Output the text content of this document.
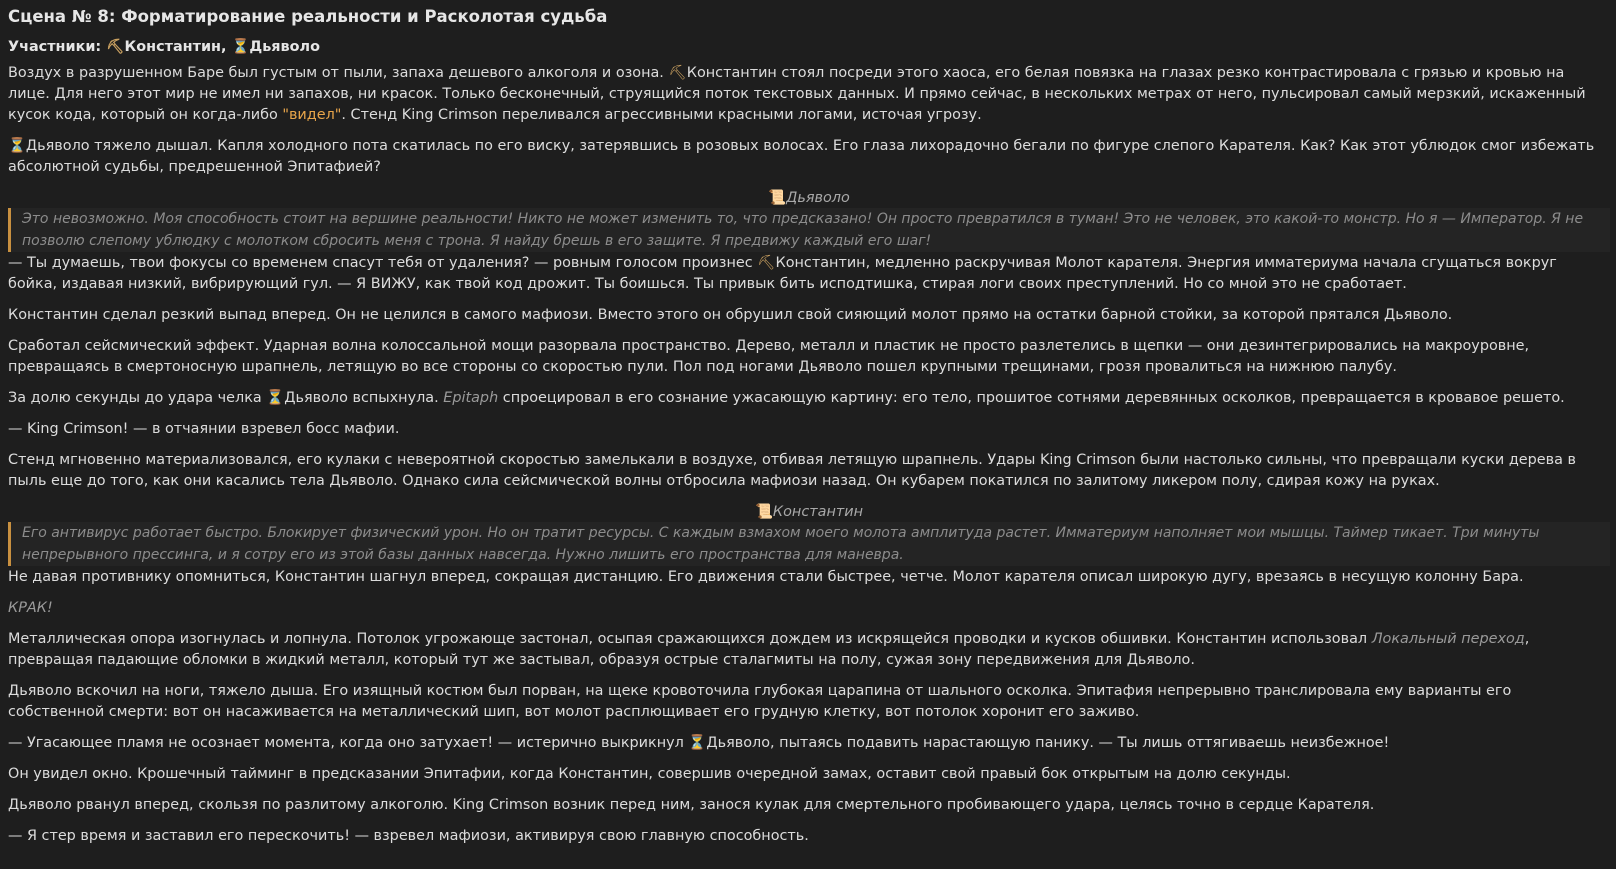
Сцена № 8: Форматирование реальности и Расколотая судьба
Участники: ⛏Константин, ⏳Дьяволо

Воздух в разрушенном Баре был густым от пыли, запаха дешевого алкоголя и озона. ⛏Константин стоял посреди этого хаоса, его белая повязка на глазах резко контрастировала с грязью и кровью на лице. Для него этот мир не имел ни запахов, ни красок. Только бесконечный, струящийся поток текстовых данных. И прямо сейчас, в нескольких метрах от него, пульсировал самый мерзкий, искаженный кусок кода, который он когда-либо "видел". Стенд King Crimson переливался агрессивными красными логами, источая угрозу.

⏳Дьяволо тяжело дышал. Капля холодного пота скатилась по его виску, затерявшись в розовых волосах. Его глаза лихорадочно бегали по фигуре слепого Карателя. Как? Как этот ублюдок смог избежать абсолютной судьбы, предрешенной Эпитафией?

📜Дьяволо
Это невозможно. Моя способность стоит на вершине реальности! Никто не может изменить то, что предсказано! Он просто превратился в туман! Это не человек, это какой-то монстр. Но я — Император. Я не позволю слепому ублюдку с молотком сбросить меня с трона. Я найду брешь в его защите. Я предвижу каждый его шаг!

— Ты думаешь, твои фокусы со временем спасут тебя от удаления? — ровным голосом произнес ⛏Константин, медленно раскручивая Молот карателя. Энергия имматериума начала сгущаться вокруг бойка, издавая низкий, вибрирующий гул. — Я ВИЖУ, как твой код дрожит. Ты боишься. Ты привык бить исподтишка, стирая логи своих преступлений. Но со мной это не сработает.

Константин сделал резкий выпад вперед. Он не целился в самого мафиози. Вместо этого он обрушил свой сияющий молот прямо на остатки барной стойки, за которой прятался Дьяволо.

Сработал сейсмический эффект. Ударная волна колоссальной мощи разорвала пространство. Дерево, металл и пластик не просто разлетелись в щепки — они дезинтегрировались на макроуровне, превращаясь в смертоносную шрапнель, летящую во все стороны со скоростью пули. Пол под ногами Дьяволо пошел крупными трещинами, грозя провалиться на нижнюю палубу.

За долю секунды до удара челка ⏳Дьяволо вспыхнула. Epitaph спроецировал в его сознание ужасающую картину: его тело, прошитое сотнями деревянных осколков, превращается в кровавое решето.

— King Crimson! — в отчаянии взревел босс мафии.

Стенд мгновенно материализовался, его кулаки с невероятной скоростью замелькали в воздухе, отбивая летящую шрапнель. Удары King Crimson были настолько сильны, что превращали куски дерева в пыль еще до того, как они касались тела Дьяволо. Однако сила сейсмической волны отбросила мафиози назад. Он кубарем покатился по залитому ликером полу, сдирая кожу на руках.

📜Константин
Его антивирус работает быстро. Блокирует физический урон. Но он тратит ресурсы. С каждым взмахом моего молота амплитуда растет. Имматериум наполняет мои мышцы. Таймер тикает. Три минуты непрерывного прессинга, и я сотру его из этой базы данных навсегда. Нужно лишить его пространства для маневра.

Не давая противнику опомниться, Константин шагнул вперед, сокращая дистанцию. Его движения стали быстрее, четче. Молот карателя описал широкую дугу, врезаясь в несущую колонну Бара.

КРАК!

Металлическая опора изогнулась и лопнула. Потолок угрожающе застонал, осыпая сражающихся дождем из искрящейся проводки и кусков обшивки. Константин использовал Локальный переход, превращая падающие обломки в жидкий металл, который тут же застывал, образуя острые сталагмиты на полу, сужая зону передвижения для Дьяволо.

Дьяволо вскочил на ноги, тяжело дыша. Его изящный костюм был порван, на щеке кровоточила глубокая царапина от шального осколка. Эпитафия непрерывно транслировала ему варианты его собственной смерти: вот он насаживается на металлический шип, вот молот расплющивает его грудную клетку, вот потолок хоронит его заживо.

— Угасающее пламя не осознает момента, когда оно затухает! — истерично выкрикнул ⏳Дьяволо, пытаясь подавить нарастающую панику. — Ты лишь оттягиваешь неизбежное!

Он увидел окно. Крошечный тайминг в предсказании Эпитафии, когда Константин, совершив очередной замах, оставит свой правый бок открытым на долю секунды.

Дьяволо рванул вперед, скользя по разлитому алкоголю. King Crimson возник перед ним, занося кулак для смертельного пробивающего удара, целясь точно в сердце Карателя.

— Я стер время и заставил его перескочить! — взревел мафиози, активируя свою главную способность.
